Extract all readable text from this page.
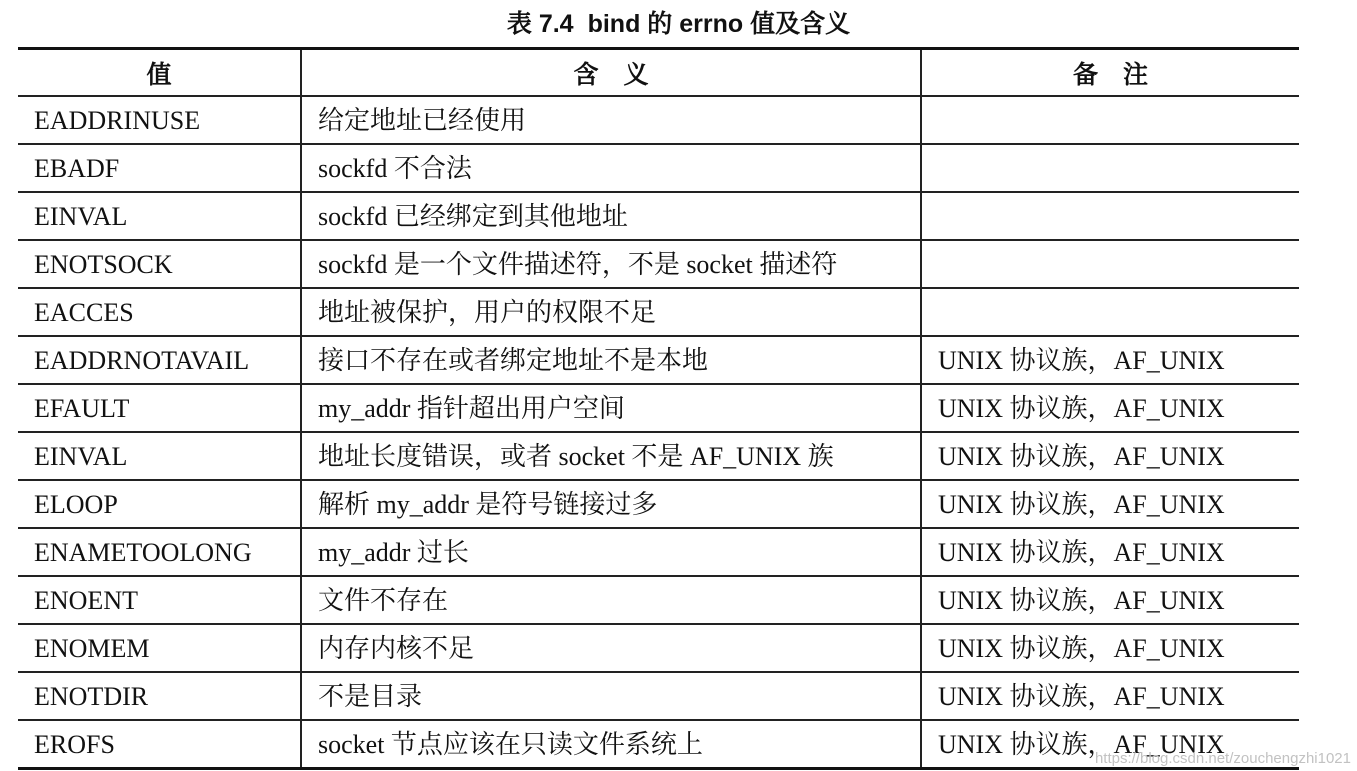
表 7.4 bind 的 errno 值及含义
值	含　义	备　注
EADDRINUSE	给定地址已经使用	
EBADF	sockfd 不合法	
EINVAL	sockfd 已经绑定到其他地址	
ENOTSOCK	sockfd 是一个文件描述符，不是 socket 描述符	
EACCES	地址被保护，用户的权限不足	
EADDRNOTAVAIL	接口不存在或者绑定地址不是本地	UNIX 协议族，AF_UNIX
EFAULT	my_addr 指针超出用户空间	UNIX 协议族，AF_UNIX
EINVAL	地址长度错误，或者 socket 不是 AF_UNIX 族	UNIX 协议族，AF_UNIX
ELOOP	解析 my_addr 是符号链接过多	UNIX 协议族，AF_UNIX
ENAMETOOLONG	my_addr 过长	UNIX 协议族，AF_UNIX
ENOENT	文件不存在	UNIX 协议族，AF_UNIX
ENOMEM	内存内核不足	UNIX 协议族，AF_UNIX
ENOTDIR	不是目录	UNIX 协议族，AF_UNIX
EROFS	socket 节点应该在只读文件系统上	UNIX 协议族，AF_UNIX
https://blog.csdn.net/zouchengzhi1021
